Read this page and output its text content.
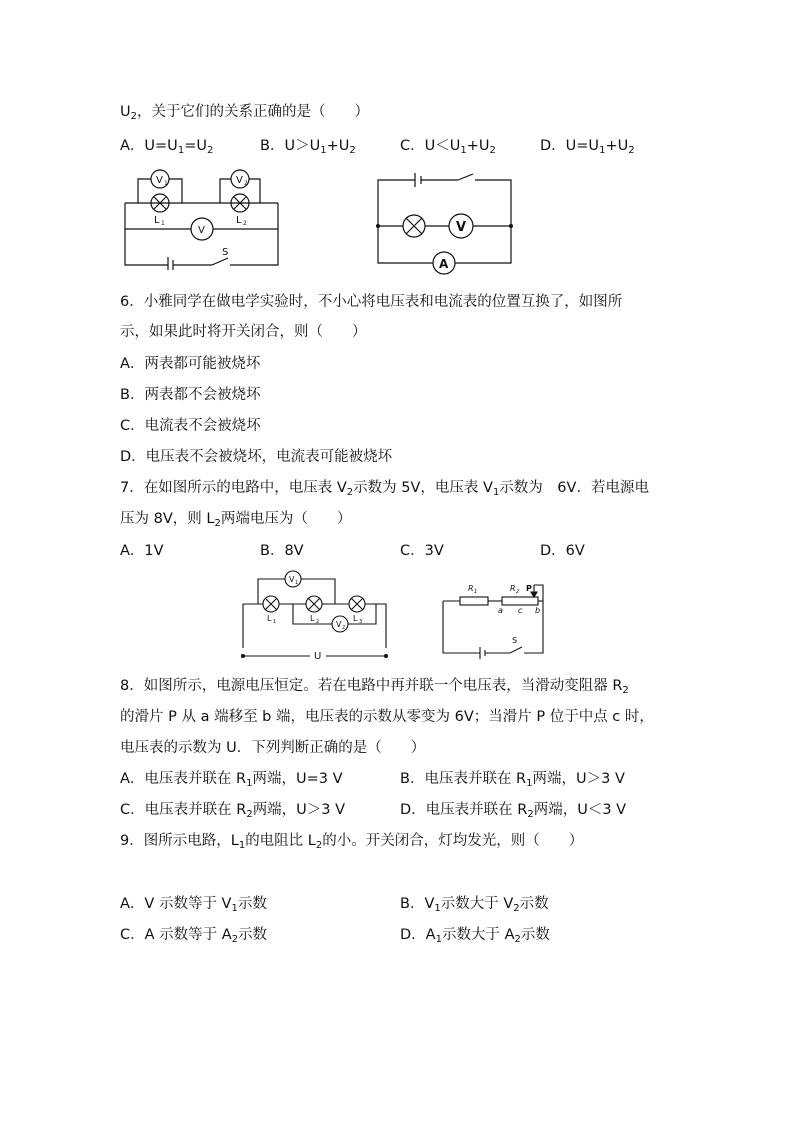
$U_2$，关于它们的关系正确的是（　　）
A．$U=U_1=U_2$	B．$U>U_1+U_2$	C．$U<U_1+U_2$	D．$U=U_1+U_2$
V 1	V 2
L 1	L 2
V
S
V
A
6．小雅同学在做电学实验时，不小心将电压表和电流表的位置互换了，如图所
示，如果此时将开关闭合，则（　　）
A．两表都可能被烧坏
B．两表都不会被烧坏
C．电流表不会被烧坏
D．电压表不会被烧坏，电流表可能被烧坏
7．在如图所示的电路中，电压表 $V_2$示数为 5V，电压表 $V_1$示数为　6V．若电源电
压为 8V，则 $L_2$两端电压为（　　）
A．1V	B．8V	C．3V	D．6V
V 1
V 2
L 1	L 2	L 3
U
R 1	R 2 P
a c b
S
8．如图所示，电源电压恒定。若在电路中再并联一个电压表，当滑动变阻器 $R_2$
的滑片 P 从 a 端移至 b 端，电压表的示数从零变为 6V；当滑片 P 位于中点 c 时，
电压表的示数为 U．下列判断正确的是（　　）
A．电压表并联在 $R_1$两端，U=3 V	B．电压表并联在 $R_1$两端，U＞3 V
C．电压表并联在 $R_2$两端，U＞3 V	D．电压表并联在 $R_2$两端，U＜3 V
9．图所示电路，$L_1$的电阻比 $L_2$的小。开关闭合，灯均发光，则（　　）
A．V 示数等于 $V_1$示数	B．$V_1$示数大于 $V_2$示数
C．A 示数等于 $A_2$示数	D．$A_1$示数大于 $A_2$示数
